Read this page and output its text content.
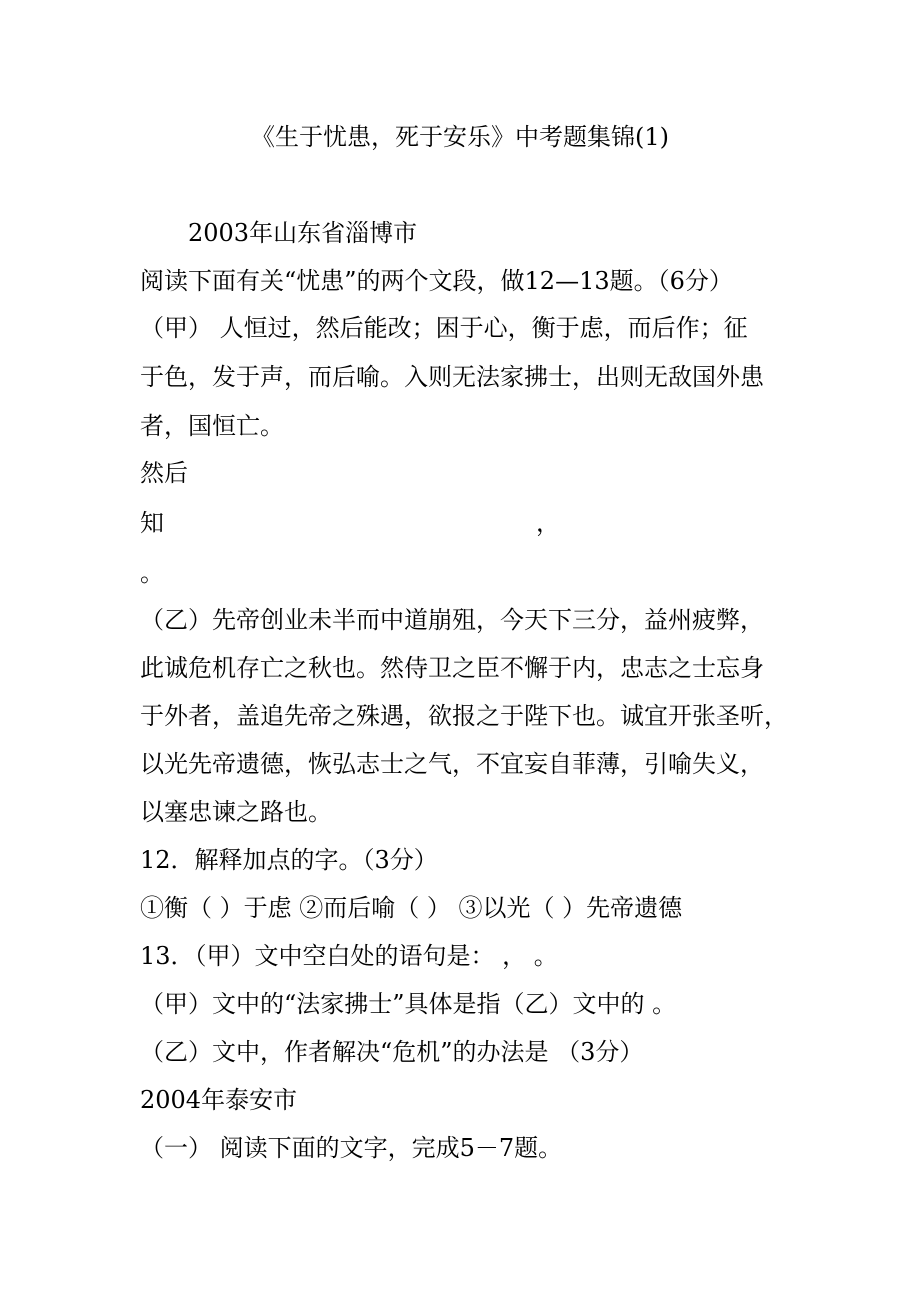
《生于忧患，死于安乐》中考题集锦(1)
2003年山东省淄博市
阅读下面有关“忧患”的两个文段，做12—13题。（6分）
（甲） 人恒过，然后能改；困于心，衡于虑，而后作；征
于色，发于声，而后喻。入则无法家拂士，出则无敌国外患
者，国恒亡。
然后
知	，
。
（乙）先帝创业未半而中道崩殂，今天下三分，益州疲弊，
此诚危机存亡之秋也。然侍卫之臣不懈于内，忠志之士忘身
于外者，盖追先帝之殊遇，欲报之于陛下也。诚宜开张圣听，
以光先帝遗德，恢弘志士之气，不宜妄自菲薄，引喻失义，
以塞忠谏之路也。
12．解释加点的字。（3分）
①衡（ ）于虑 ②而后喻（ ） ③以光（ ）先帝遗德
13．（甲）文中空白处的语句是： ， 。
（甲）文中的“法家拂士”具体是指（乙）文中的 。
（乙）文中，作者解决“危机”的办法是 （3分）
2004年泰安市
（一） 阅读下面的文字，完成5－7题。
